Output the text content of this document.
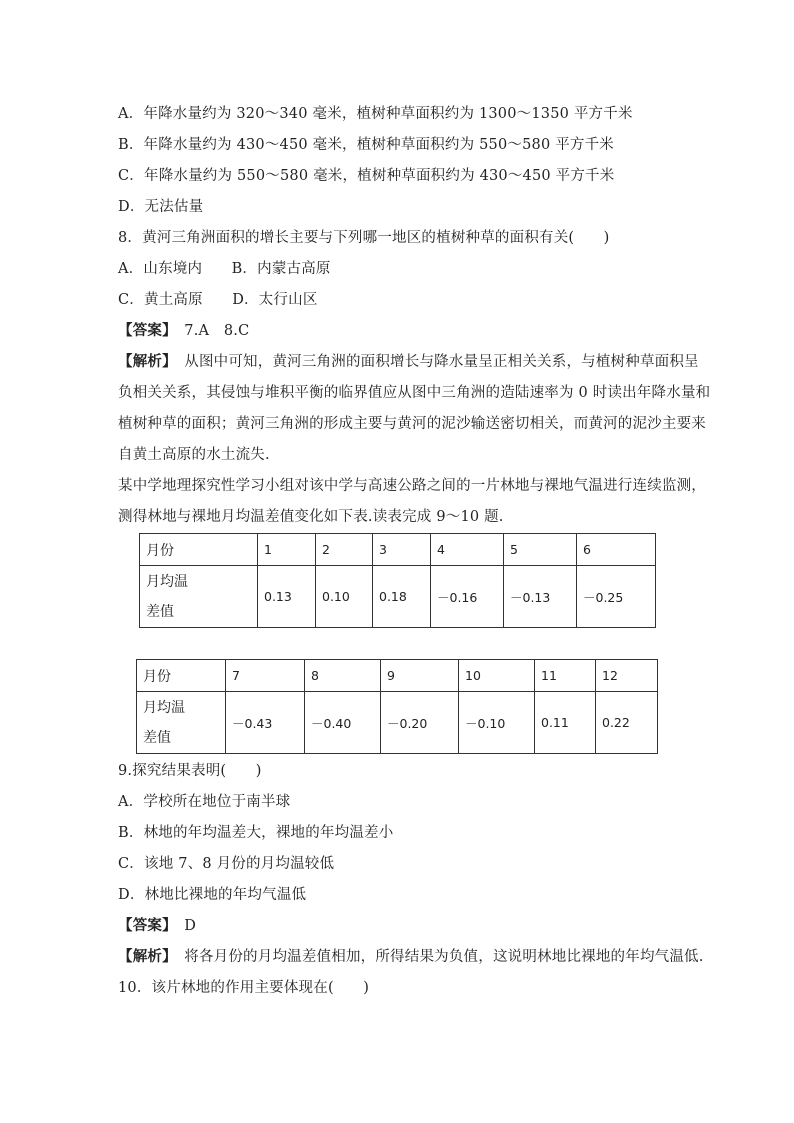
A．年降水量约为 320～340 毫米，植树种草面积约为 1300～1350 平方千米
B．年降水量约为 430～450 毫米，植树种草面积约为 550～580 平方千米
C．年降水量约为 550～580 毫米，植树种草面积约为 430～450 平方千米
D．无法估量
8．黄河三角洲面积的增长主要与下列哪一地区的植树种草的面积有关(　　)
A．山东境内　　B．内蒙古高原
C．黄土高原　　D．太行山区
【答案】　7.A　8.C
【解析】　从图中可知，黄河三角洲的面积增长与降水量呈正相关关系，与植树种草面积呈
负相关关系，其侵蚀与堆积平衡的临界值应从图中三角洲的造陆速率为 0 时读出年降水量和
植树种草的面积；黄河三角洲的形成主要与黄河的泥沙输送密切相关，而黄河的泥沙主要来
自黄土高原的水土流失.
某中学地理探究性学习小组对该中学与高速公路之间的一片林地与裸地气温进行连续监测，
测得林地与裸地月均温差值变化如下表.读表完成 9～10 题.
月份	1	2	3	4	5	6
月均温
差值	0.13	0.10	0.18	－0.16	－0.13	－0.25
月份	7	8	9	10	11	12
月均温
差值	－0.43	－0.40	－0.20	－0.10	0.11	0.22
9.探究结果表明(　　)
A．学校所在地位于南半球
B．林地的年均温差大，裸地的年均温差小
C．该地 7、8 月份的月均温较低
D．林地比裸地的年均气温低
【答案】　D
【解析】　将各月份的月均温差值相加，所得结果为负值，这说明林地比裸地的年均气温低.
10．该片林地的作用主要体现在(　　)
